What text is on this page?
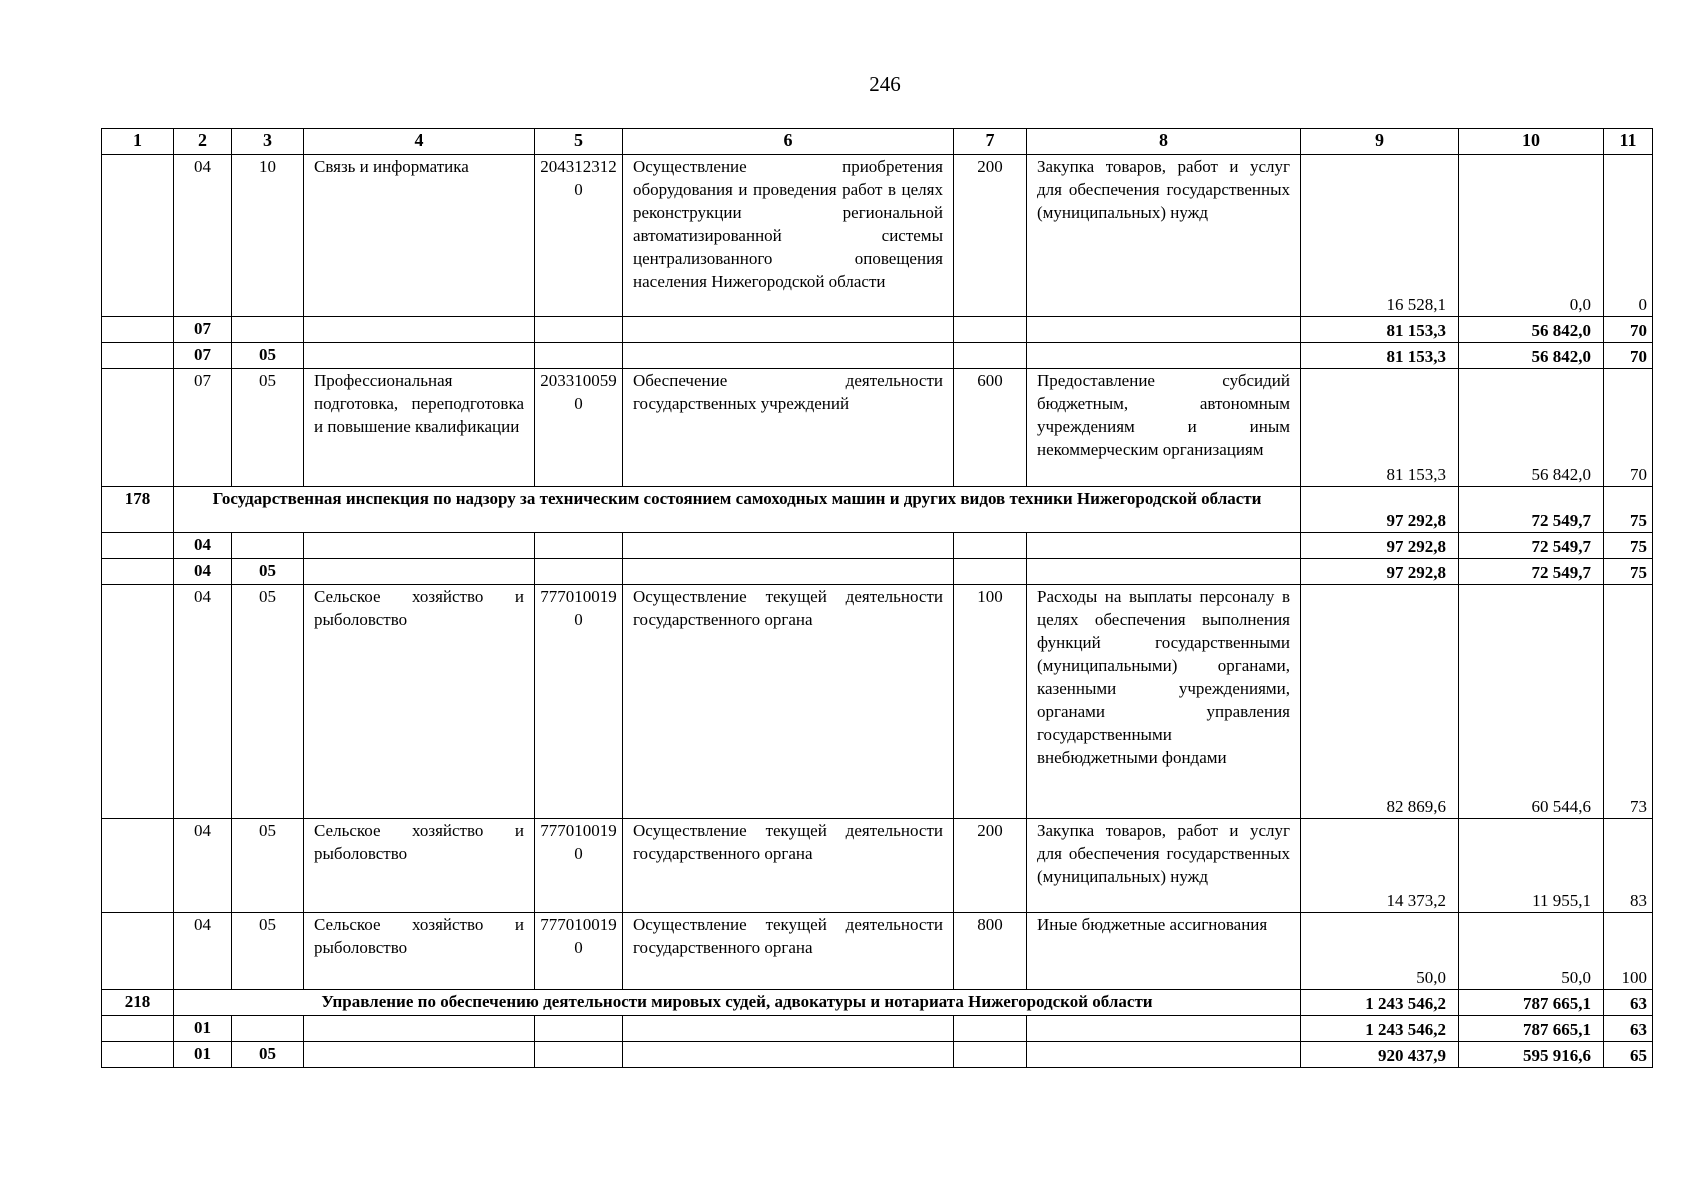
246
1	2	3	4	5	6	7	8	9	10	11
	04	10	Связь и информатика	2043123120	Осуществление приобретения оборудования и проведения работ в целях реконструкции региональной автоматизированной системы централизованного оповещения населения Нижегородской области	200	Закупка товаров, работ и услуг для обеспечения государственных (муниципальных) нужд	16 528,1	0,0	0
	07							81 153,3	56 842,0	70
	07	05						81 153,3	56 842,0	70
	07	05	Профессиональная подготовка, переподготовка и повышение квалификации	2033100590	Обеспечение деятельности государственных учреждений	600	Предоставление субсидий бюджетным, автономным учреждениям и иным некоммерческим организациям	81 153,3	56 842,0	70
178	Государственная инспекция по надзору за техническим состоянием самоходных машин и других видов техники Нижегородской области							97 292,8	72 549,7	75
	04							97 292,8	72 549,7	75
	04	05						97 292,8	72 549,7	75
	04	05	Сельское хозяйство и рыболовство	7770100190	Осуществление текущей деятельности государственного органа	100	Расходы на выплаты персоналу в целях обеспечения выполнения функций государственными (муниципальными) органами, казенными учреждениями, органами управления государственными внебюджетными фондами	82 869,6	60 544,6	73
	04	05	Сельское хозяйство и рыболовство	7770100190	Осуществление текущей деятельности государственного органа	200	Закупка товаров, работ и услуг для обеспечения государственных (муниципальных) нужд	14 373,2	11 955,1	83
	04	05	Сельское хозяйство и рыболовство	7770100190	Осуществление текущей деятельности государственного органа	800	Иные бюджетные ассигнования	50,0	50,0	100
218	Управление по обеспечению деятельности мировых судей, адвокатуры и нотариата Нижегородской области							1 243 546,2	787 665,1	63
	01							1 243 546,2	787 665,1	63
	01	05						920 437,9	595 916,6	65
